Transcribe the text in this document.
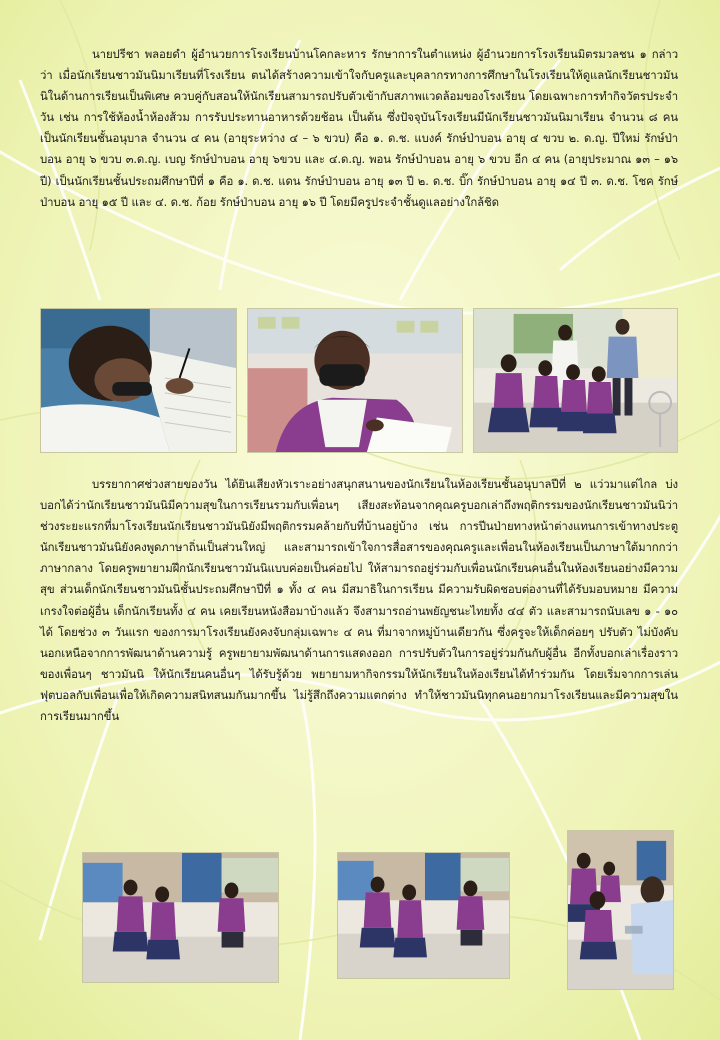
นายปรีชา พลอยดำ ผู้อำนวยการโรงเรียนบ้านโคก​ละหาร รักษาการในตำแหน่ง ผู้อำนวยการโรงเรียนมิตรมวลชน ๑ กล่าวว่า เมื่อนักเรียนชาวมันนิมาเรียนที่โรงเรียน ตนได้สร้างความเข้าใจกับครูและบุคลากรทางการศึกษาในโรงเรียนให้ดูแลนักเรียนชาวมันนิในด้านการเรียนเป็นพิเศษ ควบคู่กับสอนให้นักเรียนสามารถปรับตัวเข้ากับสภาพแวดล้อมของโรงเรียน โดยเฉพาะการทำกิจวัตรประจำวัน เช่น การใช้ห้องน้ำห้องส้วม การรับประทานอาหารด้วยช้อน เป็นต้น ซึ่งปัจจุบันโรงเรียนมีนักเรียนชาวมันนิมาเรียน จำนวน ๘ คน เป็นนักเรียนชั้นอนุบาล จำนวน ๔ คน (อายุระหว่าง ๔ – ๖ ขวบ) คือ ๑. ด.ช. แบงค์ รักษ์ป่าบอน อายุ ๔ ขวบ ๒. ด.ญ. ปีใหม่ รักษ์ป่าบอน อายุ ๖ ขวบ ๓.ด.ญ. เบญ รักษ์ป่าบอน อายุ ๖ขวบ และ ๔.ด.ญ. พอน รักษ์ป่าบอน อายุ ๖ ขวบ อีก ๔ คน (อายุประมาณ ๑๓ – ๑๖ ปี) เป็นนักเรียนชั้นประถมศึกษาปีที่ ๑ คือ ๑. ด.ช. แดน รักษ์ป่าบอน อายุ ๑๓ ปี ๒. ด.ช. บิ๊ก รักษ์ป่าบอน อายุ ๑๔ ปี ๓. ด.ช. โชค รักษ์ป่าบอน อายุ ๑๕ ปี และ ๔. ด.ช. ก้อย รักษ์ป่าบอน อายุ ๑๖ ปี โดยมีครูประจำชั้นดูแลอย่างใกล้ชิด

บรรยากาศช่วงสายของวัน ได้ยินเสียงหัวเราะอย่างสนุกสนานของนักเรียนในห้องเรียนชั้นอนุบาลปีที่ ๒ แว่วมาแต่ไกล บ่งบอกได้ว่านักเรียนชาวมันนิมีความสุขในการเรียนรวมกับเพื่อนๆ เสียงสะท้อนจากคุณครูบอกเล่าถึงพฤติกรรมของนักเรียนชาวมันนิว่า ช่วงระยะแรกที่มาโรงเรียนนักเรียนชาวมันนิยังมีพฤติกรรมคล้ายกับที่บ้านอยู่บ้าง เช่น การปีนป่ายทางหน้าต่างแทนการเข้าทางประตู นักเรียนชาวมันนิยังคงพูดภาษาถิ่นเป็นส่วนใหญ่ และสามารถเข้าใจการสื่อสารของคุณครูและเพื่อนในห้องเรียนเป็นภาษาใต้มากกว่าภาษากลาง โดยครูพยายามฝึกนักเรียนชาวมันนิแบบค่อยเป็นค่อยไป ให้สามารถอยู่ร่วมกับเพื่อนนักเรียนคนอื่นในห้องเรียนอย่างมีความสุข ส่วนเด็กนักเรียนชาวมันนิชั้นประถมศึกษาปีที่ ๑ ทั้ง ๔ คน มีสมาธิในการเรียน มีความรับผิดชอบต่องานที่ได้รับมอบหมาย มีความเกรงใจต่อผู้อื่น เด็กนักเรียนทั้ง ๔ คน เคยเรียนหนังสือมาบ้างแล้ว จึงสามารถอ่านพยัญชนะไทยทั้ง ๔๔ ตัว และสามารถนับเลข ๑ - ๑๐ ได้ โดยช่วง ๓ วันแรก ของการมาโรงเรียนยังคงจับกลุ่มเฉพาะ ๔ คน ที่มาจากหมู่บ้านเดียวกัน ซึ่งครูจะให้เด็กค่อยๆ ปรับตัว ไม่บังคับ นอกเหนือจากการพัฒนาด้านความรู้ ครูพยายามพัฒนาด้านการแสดงออก การปรับตัวในการอยู่ร่วมกันกับผู้อื่น อีกทั้งบอกเล่าเรื่องราวของเพื่อนๆ ชาวมันนิ ให้นักเรียนคนอื่นๆ ได้รับรู้ด้วย พยายามหากิจกรรมให้นักเรียนในห้องเรียนได้ทำร่วมกัน โดยเริ่มจากการเล่นฟุตบอลกับเพื่อนเพื่อให้เกิดความสนิทสนมกันมากขึ้น ไม่รู้สึกถึงความแตกต่าง ทำให้ชาวมันนิทุกคนอยากมาโรงเรียนและมีความสุขในการเรียนมากขึ้น
